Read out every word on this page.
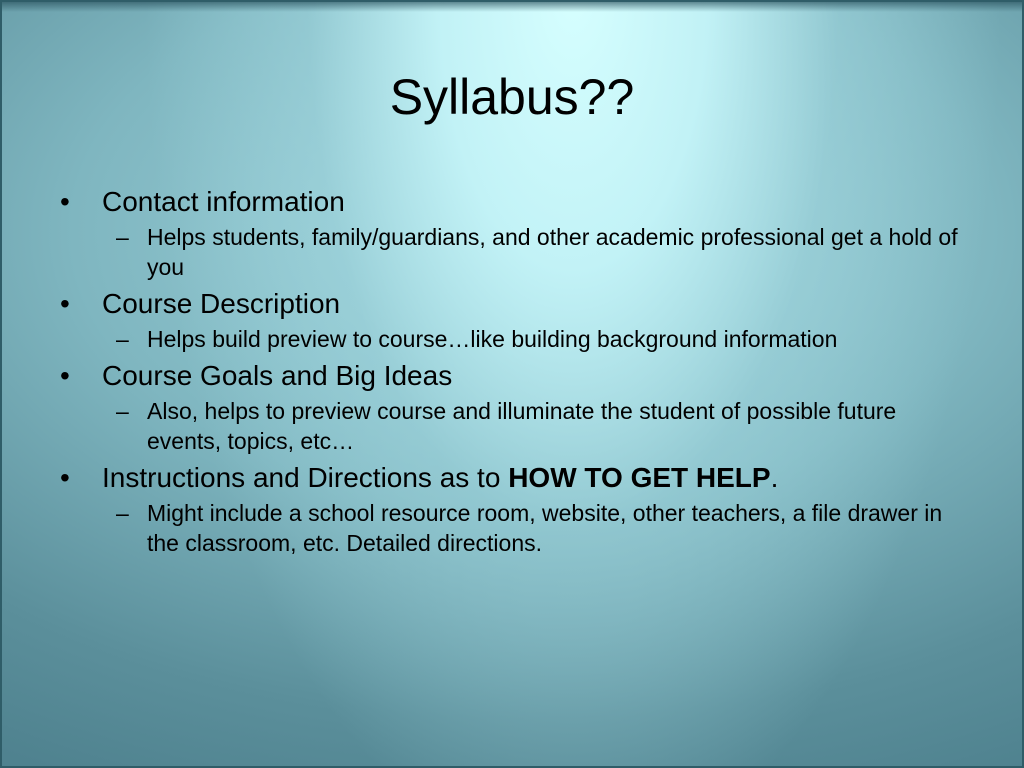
Syllabus??
• Contact information
– Helps students, family/guardians, and other academic professional get a hold of you
• Course Description
– Helps build preview to course…like building background information
• Course Goals and Big Ideas
– Also, helps to preview course and illuminate the student of possible future events, topics, etc…
• Instructions and Directions as to HOW TO GET HELP.
– Might include a school resource room, website, other teachers, a file drawer in the classroom, etc. Detailed directions.
